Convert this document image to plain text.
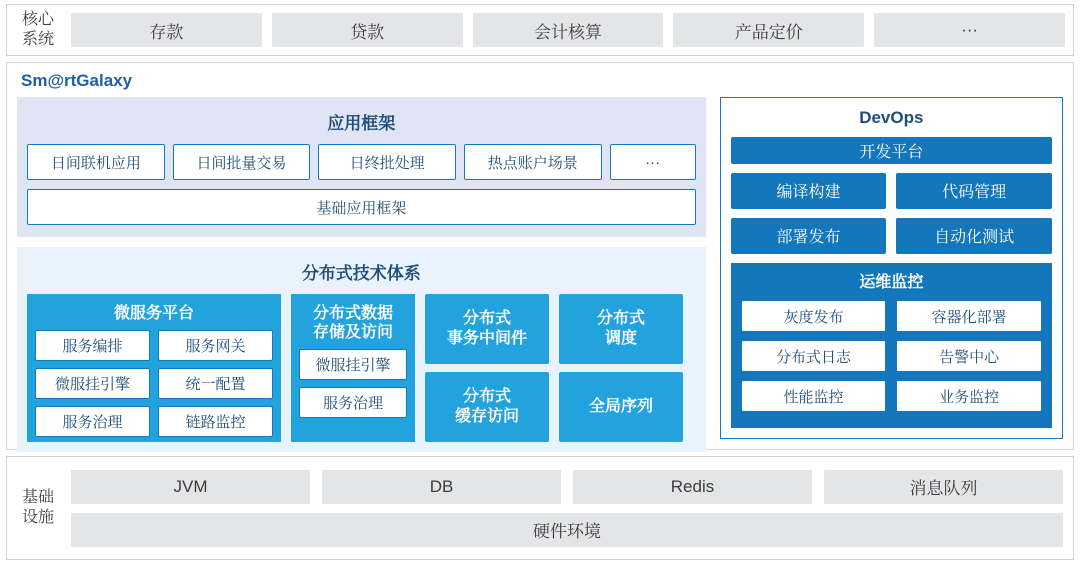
核心
系统	存款	贷款	会计核算	产品定价	···
Sm@rtGalaxy
应用框架
日间联机应用	日间批量交易	日终批处理	热点账户场景	···
基础应用框架
分布式技术体系
微服务平台
服务编排	服务网关
微服挂引擎	统一配置
服务治理	链路监控
分布式数据
存储及访问
微服挂引擎
服务治理
分布式
事务中间件
分布式
缓存访问
分布式
调度
全局序列
DevOps
开发平台
编译构建	代码管理
部署发布	自动化测试
运维监控
灰度发布	容器化部署
分布式日志	告警中心
性能监控	业务监控
基础
设施
JVM	DB	Redis	消息队列
硬件环境
